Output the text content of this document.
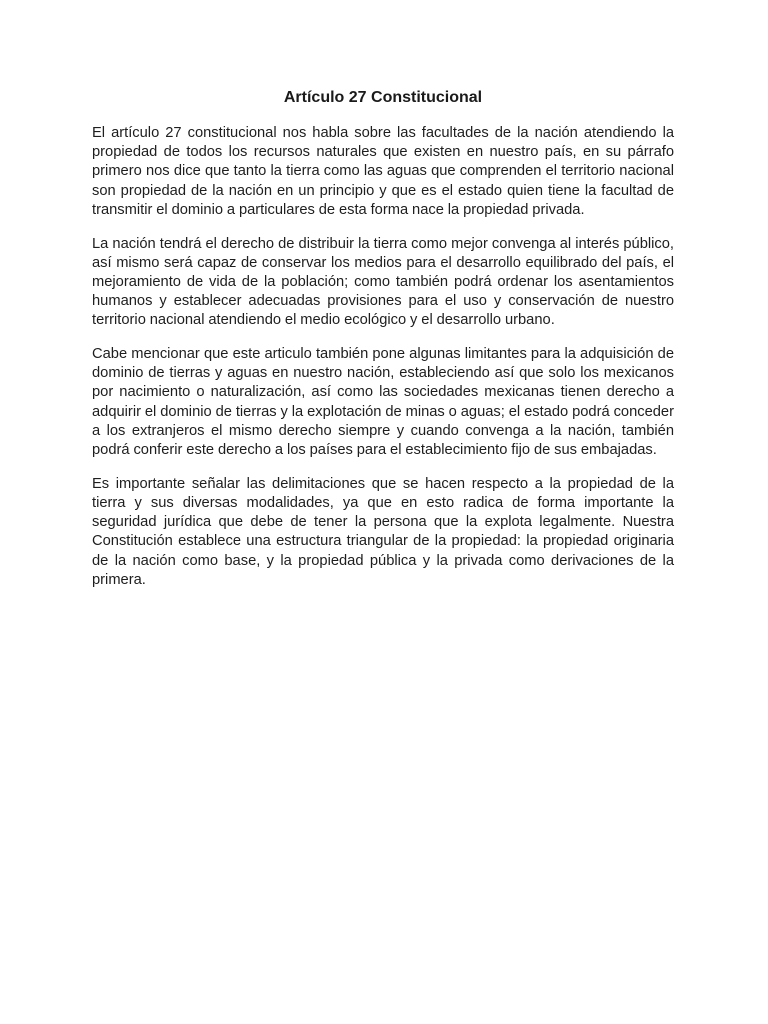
Artículo 27 Constitucional

El artículo 27 constitucional nos habla sobre las facultades de la nación atendiendo la propiedad de todos los recursos naturales que existen en nuestro país, en su párrafo primero nos dice que tanto la tierra como las aguas que comprenden el territorio nacional son propiedad de la nación en un principio y que es el estado quien tiene la facultad de transmitir el dominio a particulares de esta forma nace la propiedad privada.

La nación tendrá el derecho de distribuir la tierra como mejor convenga al interés público, así mismo será capaz de conservar los medios para el desarrollo equilibrado del país, el mejoramiento de vida de la población; como también podrá ordenar los asentamientos humanos y establecer adecuadas provisiones para el uso y conservación de nuestro territorio nacional atendiendo el medio ecológico y el desarrollo urbano.

Cabe mencionar que este articulo también pone algunas limitantes para la adquisición de dominio de tierras y aguas en nuestro nación, estableciendo así que solo los mexicanos por nacimiento o naturalización, así como las sociedades mexicanas tienen derecho a adquirir el dominio de tierras y la explotación de minas o aguas; el estado podrá conceder a los extranjeros el mismo derecho siempre y cuando convenga a la nación, también podrá conferir este derecho a los países para el establecimiento fijo de sus embajadas.

Es importante señalar las delimitaciones que se hacen respecto a la propiedad de la tierra y sus diversas modalidades, ya que en esto radica de forma importante la seguridad jurídica que debe de tener la persona que la explota legalmente. Nuestra Constitución establece una estructura triangular de la propiedad: la propiedad originaria de la nación como base, y la propiedad pública y la privada como derivaciones de la primera.
